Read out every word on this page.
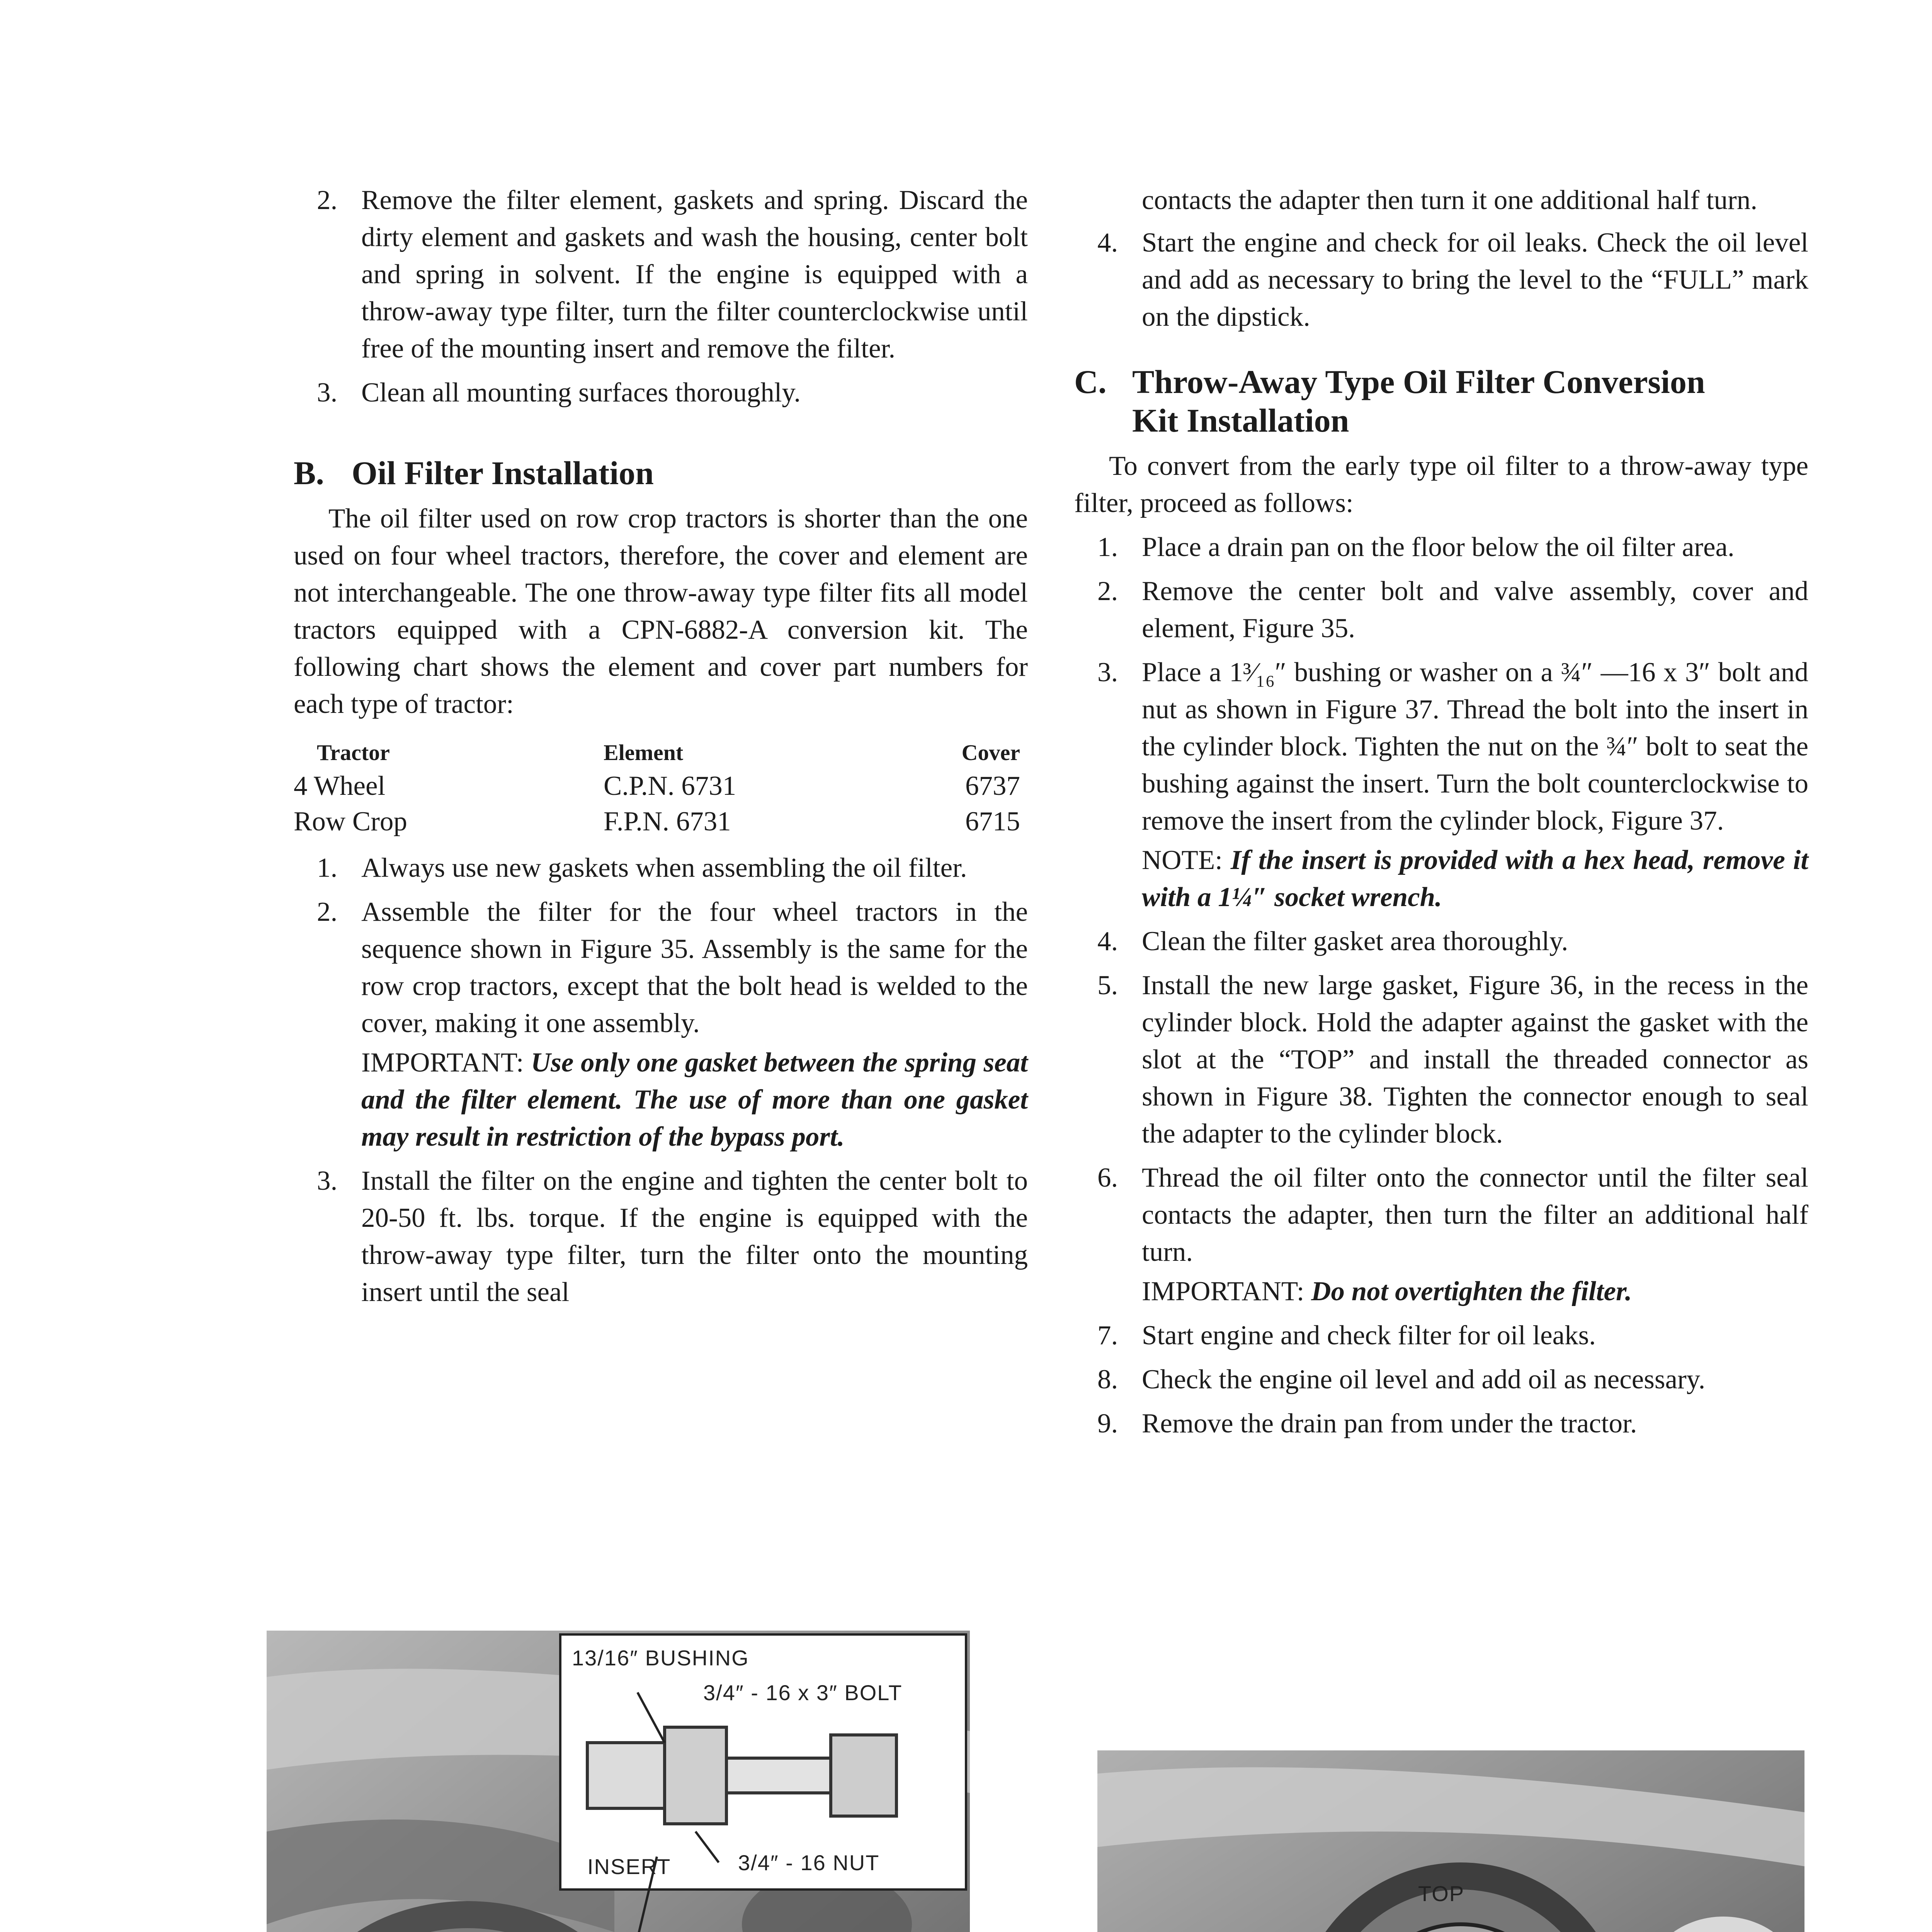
2. Remove the filter element, gaskets and spring. Discard the dirty element and gaskets and wash the housing, center bolt and spring in solvent. If the engine is equipped with a throw-away type filter, turn the filter counterclockwise until free of the mounting insert and remove the filter.

3. Clean all mounting surfaces thoroughly.

B. Oil Filter Installation

The oil filter used on row crop tractors is shorter than the one used on four wheel tractors, therefore, the cover and element are not interchangeable. The one throw-away type filter fits all model tractors equipped with a CPN-6882-A conversion kit. The following chart shows the element and cover part numbers for each type of tractor:

Tractor	Element	Cover
4 Wheel	C.P.N. 6731	6737
Row Crop	F.P.N. 6731	6715
1. Always use new gaskets when assembling the oil filter.

2. Assemble the filter for the four wheel tractors in the sequence shown in Figure 35. Assembly is the same for the row crop tractors, except that the bolt head is welded to the cover, making it one assembly.

IMPORTANT: Use only one gasket between the spring seat and the filter element. The use of more than one gasket may result in restriction of the bypass port.

3. Install the filter on the engine and tighten the center bolt to 20-50 ft. lbs. torque. If the engine is equipped with the throw-away type filter, turn the filter onto the mounting insert until the seal

contacts the adapter then turn it one additional half turn.

4. Start the engine and check for oil leaks. Check the oil level and add as necessary to bring the level to the “FULL” mark on the dipstick.

C. Throw-Away Type Oil Filter Conversion
Kit Installation

To convert from the early type oil filter to a throw-away type filter, proceed as follows:

1. Place a drain pan on the floor below the oil filter area.

2. Remove the center bolt and valve assembly, cover and element, Figure 35.

3. Place a 1³⁄₁₆″ bushing or washer on a ¾″ —16 x 3″ bolt and nut as shown in Figure 37. Thread the bolt into the insert in the cylinder block. Tighten the nut on the ¾″ bolt to seat the bushing against the insert. Turn the bolt counterclockwise to remove the insert from the cylinder block, Figure 37.

NOTE: If the insert is provided with a hex head, remove it with a 1¼″ socket wrench.

4. Clean the filter gasket area thoroughly.

5. Install the new large gasket, Figure 36, in the recess in the cylinder block. Hold the adapter against the gasket with the slot at the “TOP” and install the threaded connector as shown in Figure 38. Tighten the connector enough to seal the adapter to the cylinder block.

6. Thread the oil filter onto the connector until the filter seal contacts the adapter, then turn the filter an additional half turn.

IMPORTANT: Do not overtighten the filter.

7. Start engine and check filter for oil leaks.

8. Check the engine oil level and add oil as necessary.

9. Remove the drain pan from under the tractor.

13/16″ BUSHING
3/4″ - 16 x 3″ BOLT
INSERT	3/4″ - 16 NUT
TOP
